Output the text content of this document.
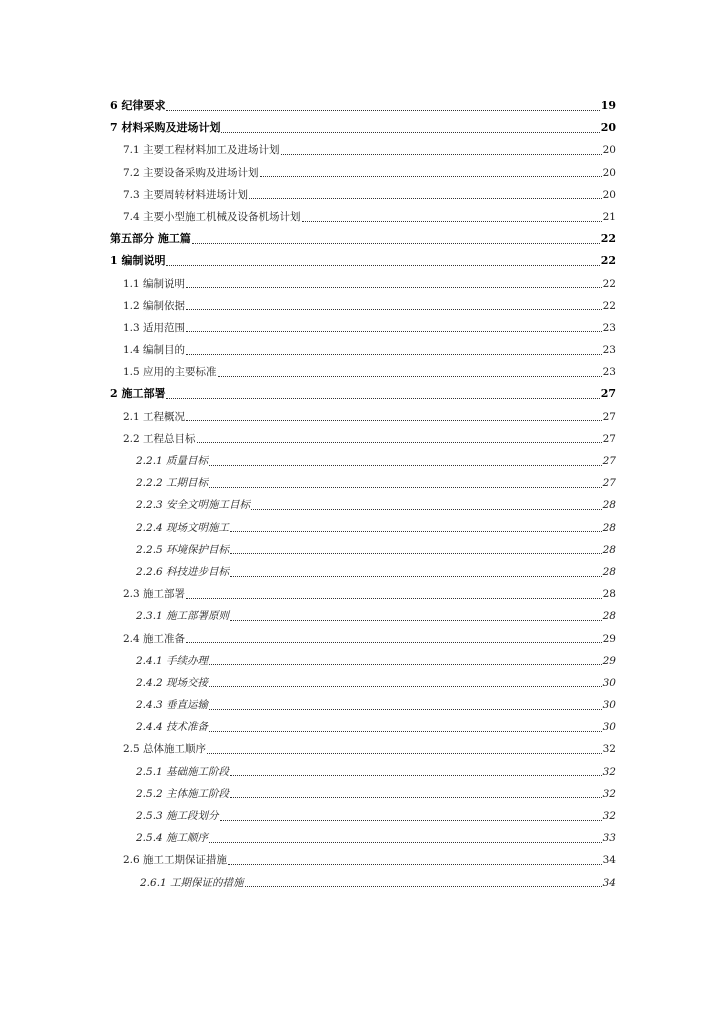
6 纪律要求	19
7 材料采购及进场计划	20
7.1 主要工程材料加工及进场计划	20
7.2 主要设备采购及进场计划	20
7.3 主要周转材料进场计划	20
7.4 主要小型施工机械及设备机场计划	21
第五部分 施工篇	22
1 编制说明	22
1.1 编制说明	22
1.2 编制依据	22
1.3 适用范围	23
1.4 编制目的	23
1.5 应用的主要标准	23
2 施工部署	27
2.1 工程概况	27
2.2 工程总目标	27
2.2.1 质量目标	27
2.2.2 工期目标	27
2.2.3 安全文明施工目标	28
2.2.4 现场文明施工	28
2.2.5 环境保护目标	28
2.2.6 科技进步目标	28
2.3 施工部署	28
2.3.1 施工部署原则	28
2.4 施工准备	29
2.4.1 手续办理	29
2.4.2 现场交接	30
2.4.3 垂直运输	30
2.4.4 技术准备	30
2.5 总体施工顺序	32
2.5.1 基础施工阶段	32
2.5.2 主体施工阶段	32
2.5.3 施工段划分	32
2.5.4 施工顺序	33
2.6 施工工期保证措施	34
2.6.1 工期保证的措施	34
